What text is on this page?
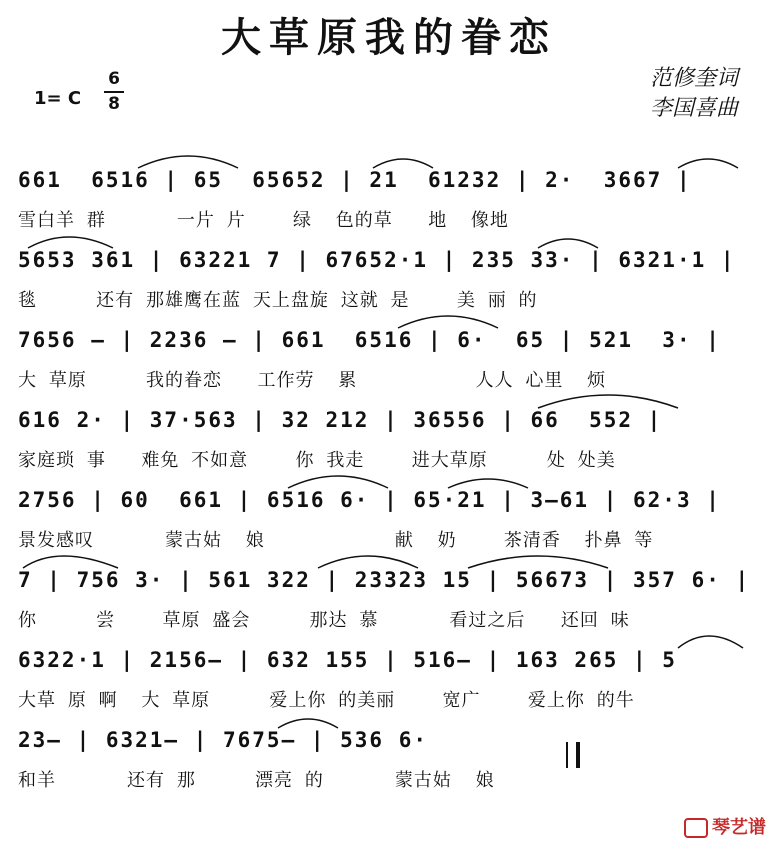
大草原我的眷恋
1= C
6
8
范修奎词
李国喜曲
661  6516 | 65  65652 | 21  61232 | 2·  3667 |
雪白羊 群      一片 片    绿  色的草   地  像地
5653 361 | 63221 7 | 67652·1 | 235 33· | 6321·1 |
毯     还有 那雄鹰在蓝 天上盘旋 这就 是    美 丽 的
7656 — | 2236 — | 661  6516 | 6·  65 | 521  3· |
大 草原     我的眷恋   工作劳  累          人人 心里  烦
616 2· | 37·563 | 32 212 | 36556 | 66  552 |
家庭琐 事   难免 不如意    你 我走    进大草原     处 处美
2756 | 60  661 | 6516 6· | 65·21 | 3—61 | 62·3 |
景发感叹      蒙古姑  娘           献  奶    茶清香  扑鼻 等
7 | 756 3· | 561 322 | 23323 15 | 56673 | 357 6· |
你     尝    草原 盛会     那达 慕      看过之后   还回 味
6322·1 | 2156— | 632 155 | 516— | 163 265 | 5
大草 原 啊  大 草原     爱上你 的美丽    宽广    爱上你 的牛
23— | 6321— | 7675— | 536 6·
和羊      还有 那     漂亮 的      蒙古姑  娘
琴艺谱
